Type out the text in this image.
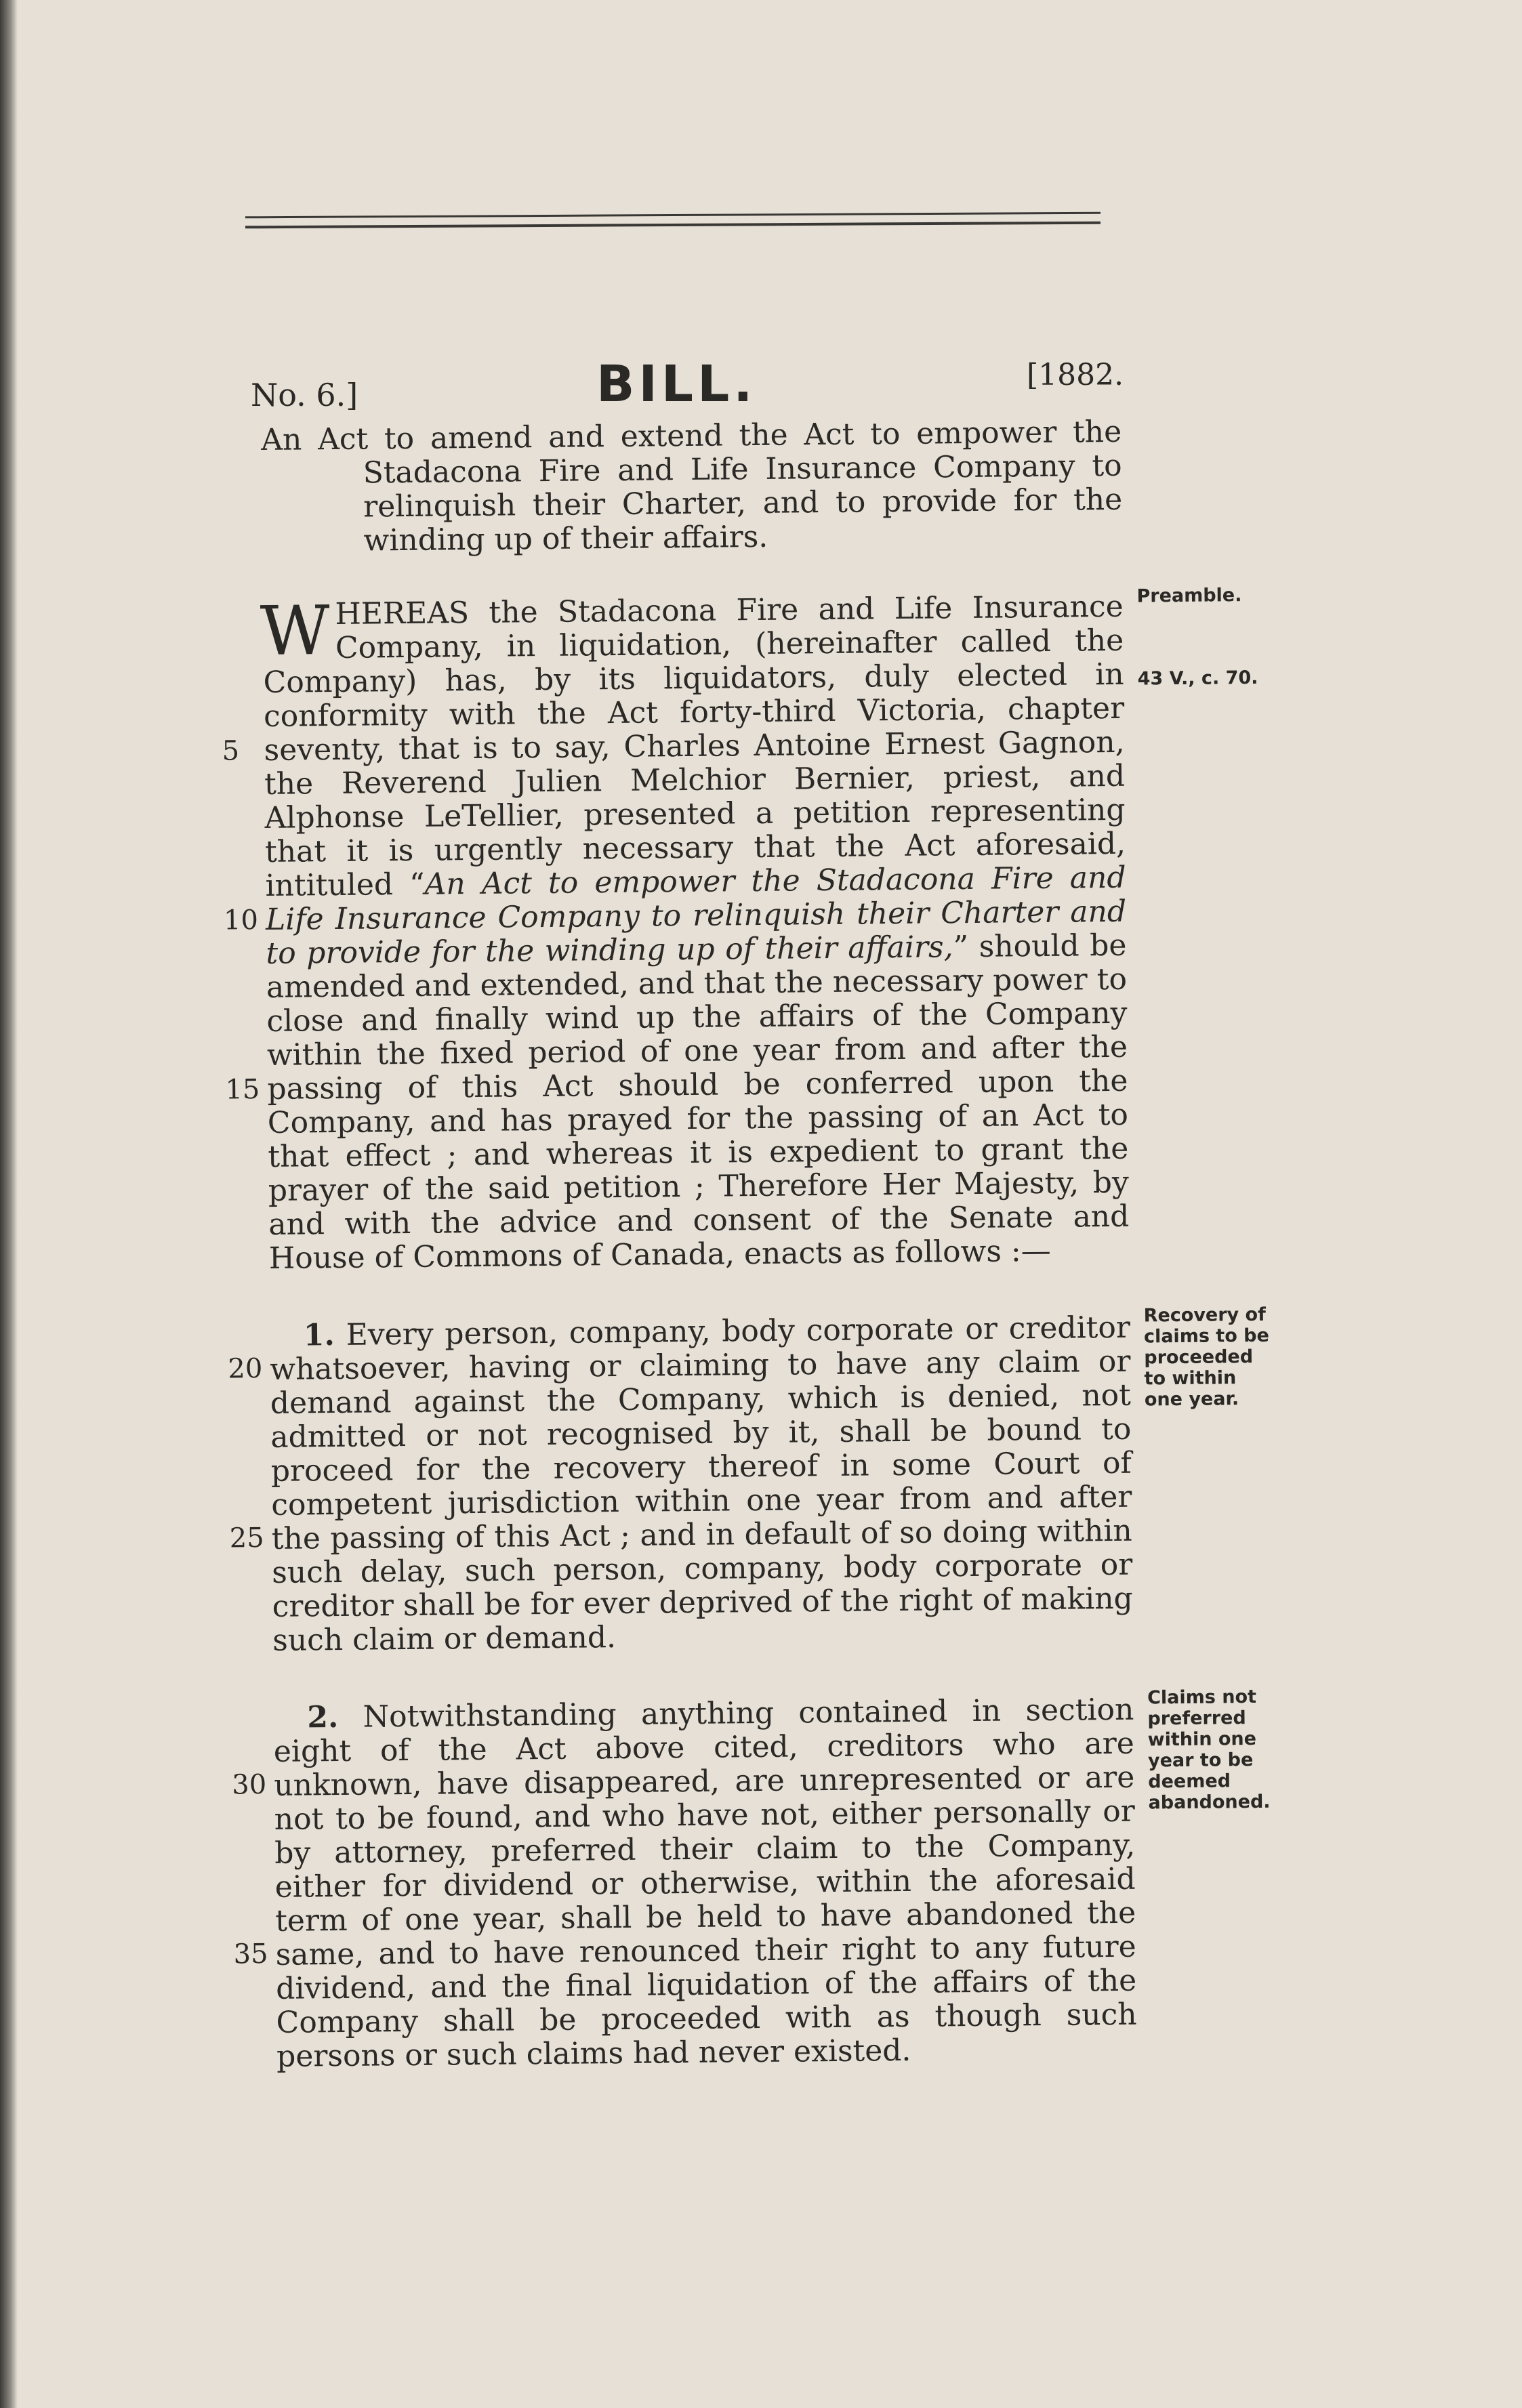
No. 6.]	BILL.	[1882.

An Act to amend and extend the Act to empower the Stadacona Fire and Life Insurance Company to relinquish their Charter, and to provide for the winding up of their affairs.

Preamble.
43 V., c. 70.
5
10
15

WHEREAS the Stadacona Fire and Life Insurance Company, in liquidation, (hereinafter called the Company) has, by its liquidators, duly elected in conformity with the Act forty-third Victoria, chapter seventy, that is to say, Charles Antoine Ernest Gagnon, the Reverend Julien Melchior Bernier, priest, and Alphonse LeTellier, presented a petition representing that it is urgently necessary that the Act aforesaid, intituled “An Act to empower the Stadacona Fire and Life Insurance Company to relinquish their Charter and to provide for the winding up of their affairs,” should be amended and extended, and that the necessary power to close and finally wind up the affairs of the Company within the fixed period of one year from and after the passing of this Act should be conferred upon the Company, and has prayed for the passing of an Act to that effect ; and whereas it is expedient to grant the prayer of the said petition ; Therefore Her Majesty, by and with the advice and consent of the Senate and House of Commons of Canada, enacts as follows :—

Recovery of claims to be proceeded to within one year.
20
25

1. Every person, company, body corporate or creditor whatsoever, having or claiming to have any claim or demand against the Company, which is denied, not admitted or not recognised by it, shall be bound to proceed for the recovery thereof in some Court of competent jurisdiction within one year from and after the passing of this Act ; and in default of so doing within such delay, such person, company, body corporate or creditor shall be for ever deprived of the right of making such claim or demand.

Claims not preferred within one year to be deemed abandoned.
30
35

2. Notwithstanding anything contained in section eight of the Act above cited, creditors who are unknown, have disappeared, are unrepresented or are not to be found, and who have not, either personally or by attorney, preferred their claim to the Company, either for dividend or otherwise, within the aforesaid term of one year, shall be held to have abandoned the same, and to have renounced their right to any future dividend, and the final liquidation of the affairs of the Company shall be proceeded with as though such persons or such claims had never existed.
